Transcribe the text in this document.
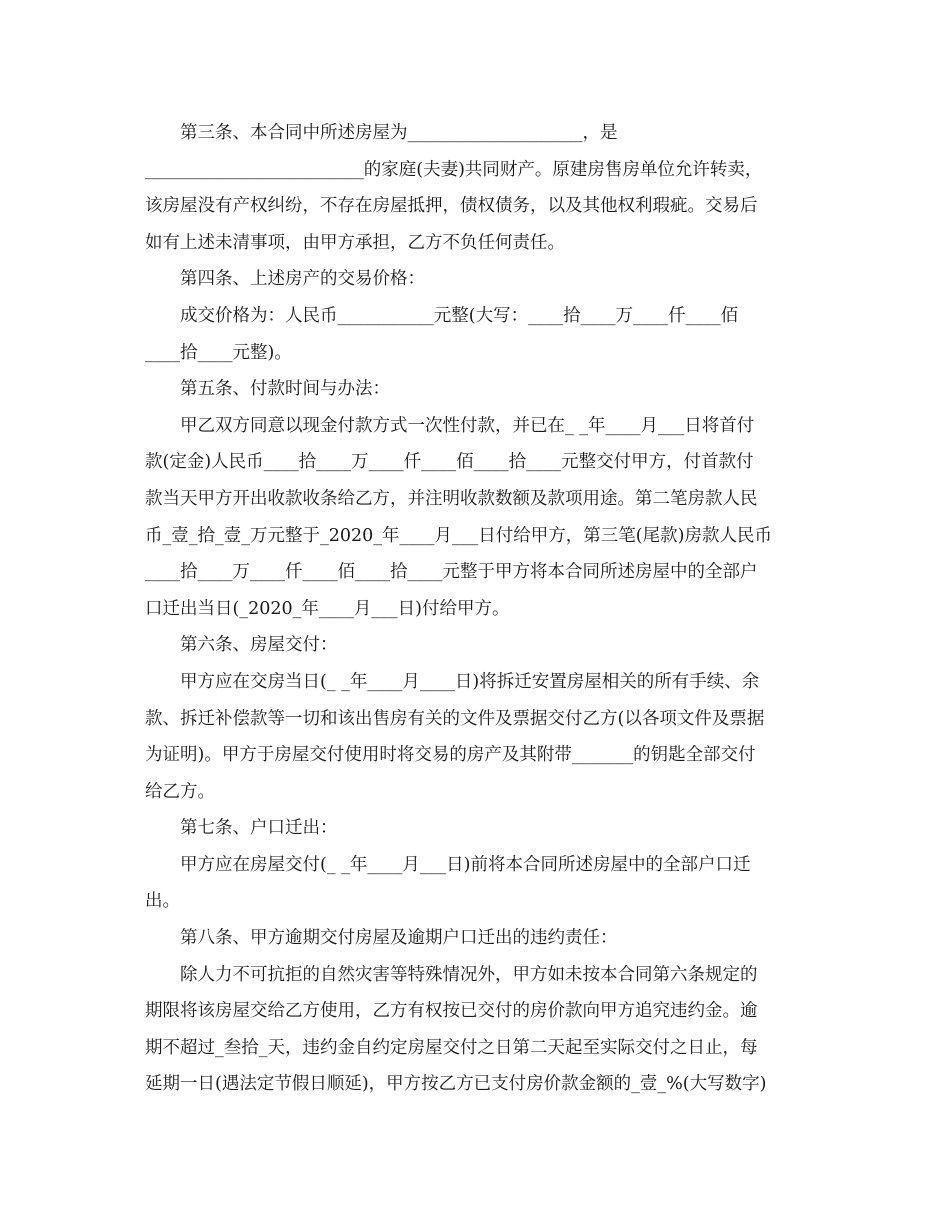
第三条、本合同中所述房屋为____________________，是
_________________________的家庭(夫妻)共同财产。原建房售房单位允许转卖，
该房屋没有产权纠纷，不存在房屋抵押，债权债务，以及其他权利瑕疵。交易后
如有上述未清事项，由甲方承担，乙方不负任何责任。
第四条、上述房产的交易价格：
成交价格为：人民币___________元整(大写：____拾____万____仟____佰
____拾____元整)。
第五条、付款时间与办法：
甲乙双方同意以现金付款方式一次性付款，并已在_ _年____月___日将首付
款(定金)人民币____拾____万____仟____佰____拾____元整交付甲方，付首款付
款当天甲方开出收款收条给乙方，并注明收款数额及款项用途。第二笔房款人民
币_壹_拾_壹_万元整于_2020_年____月___日付给甲方，第三笔(尾款)房款人民币
____拾____万____仟____佰____拾____元整于甲方将本合同所述房屋中的全部户
口迁出当日(_2020_年____月___日)付给甲方。
第六条、房屋交付：
甲方应在交房当日(_ _年____月____日)将拆迁安置房屋相关的所有手续、余
款、拆迁补偿款等一切和该出售房有关的文件及票据交付乙方(以各项文件及票据
为证明)。甲方于房屋交付使用时将交易的房产及其附带_______的钥匙全部交付
给乙方。
第七条、户口迁出：
甲方应在房屋交付(_ _年____月___日)前将本合同所述房屋中的全部户口迁
出。
第八条、甲方逾期交付房屋及逾期户口迁出的违约责任：
除人力不可抗拒的自然灾害等特殊情况外，甲方如未按本合同第六条规定的
期限将该房屋交给乙方使用，乙方有权按已交付的房价款向甲方追究违约金。逾
期不超过_叁拾_天，违约金自约定房屋交付之日第二天起至实际交付之日止，每
延期一日(遇法定节假日顺延)，甲方按乙方已支付房价款金额的_壹_%(大写数字)
